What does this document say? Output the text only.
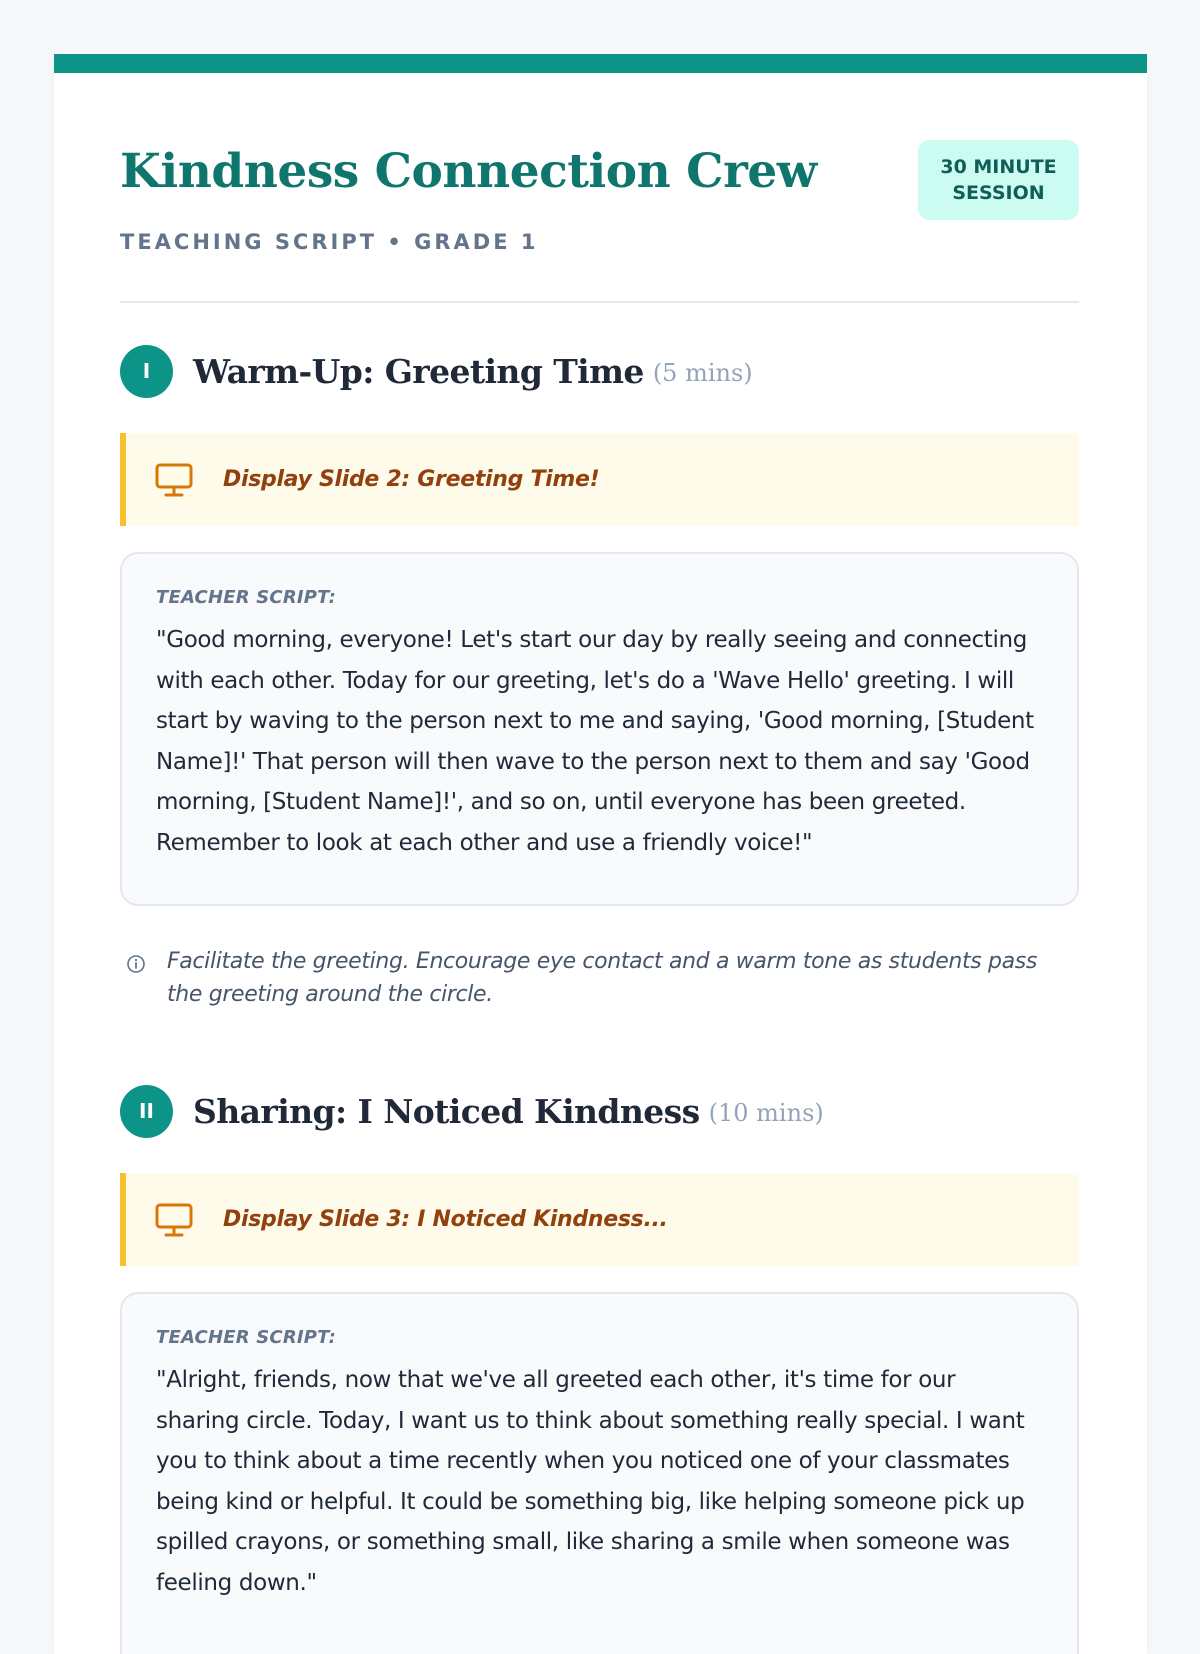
Kindness Connection Crew
TEACHING SCRIPT • GRADE 1
30 MINUTE
SESSION
I	Warm-Up: Greeting Time (5 mins)
Display Slide 2: Greeting Time!
TEACHER SCRIPT:

"Good morning, everyone! Let's start our day by really seeing and connecting with each other. Today for our greeting, let's do a 'Wave Hello' greeting. I will start by waving to the person next to me and saying, 'Good morning, [Student Name]!' That person will then wave to the person next to them and say 'Good morning, [Student Name]!', and so on, until everyone has been greeted. Remember to look at each other and use a friendly voice!"

Facilitate the greeting. Encourage eye contact and a warm tone as students pass the greeting around the circle.
II	Sharing: I Noticed Kindness (10 mins)
Display Slide 3: I Noticed Kindness...
TEACHER SCRIPT:

"Alright, friends, now that we've all greeted each other, it's time for our sharing circle. Today, I want us to think about something really special. I want you to think about a time recently when you noticed one of your classmates being kind or helpful. It could be something big, like helping someone pick up spilled crayons, or something small, like sharing a smile when someone was feeling down."
